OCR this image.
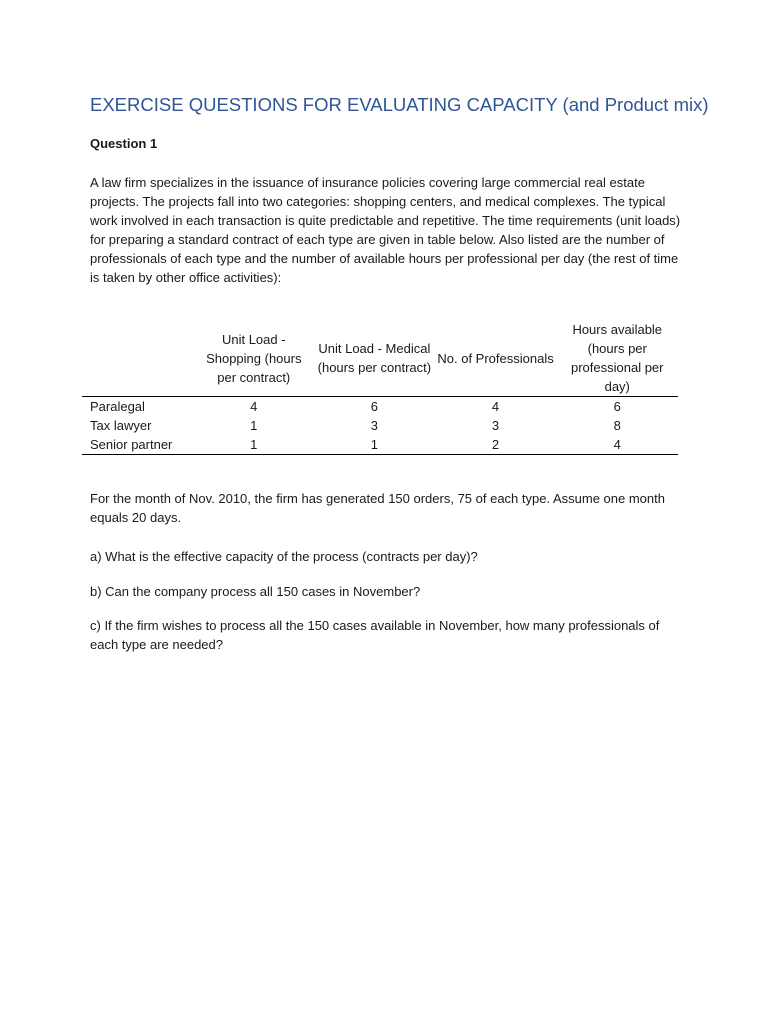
EXERCISE QUESTIONS FOR EVALUATING CAPACITY (and Product mix)
Question 1

A law firm specializes in the issuance of insurance policies covering large commercial real estate projects. The projects fall into two categories: shopping centers, and medical complexes. The typical work involved in each transaction is quite predictable and repetitive. The time requirements (unit loads) for preparing a standard contract of each type are given in table below. Also listed are the number of professionals of each type and the number of available hours per professional per day (the rest of time is taken by other office activities):

	Unit Load - Shopping (hours per contract)	Unit Load - Medical (hours per contract)	No. of Professionals	Hours available (hours per professional per day)
Paralegal	4	6	4	6
Tax lawyer	1	3	3	8
Senior partner	1	1	2	4

For the month of Nov. 2010, the firm has generated 150 orders, 75 of each type. Assume one month equals 20 days.

a) What is the effective capacity of the process (contracts per day)?

b) Can the company process all 150 cases in November?

c) If the firm wishes to process all the 150 cases available in November, how many professionals of each type are needed?
